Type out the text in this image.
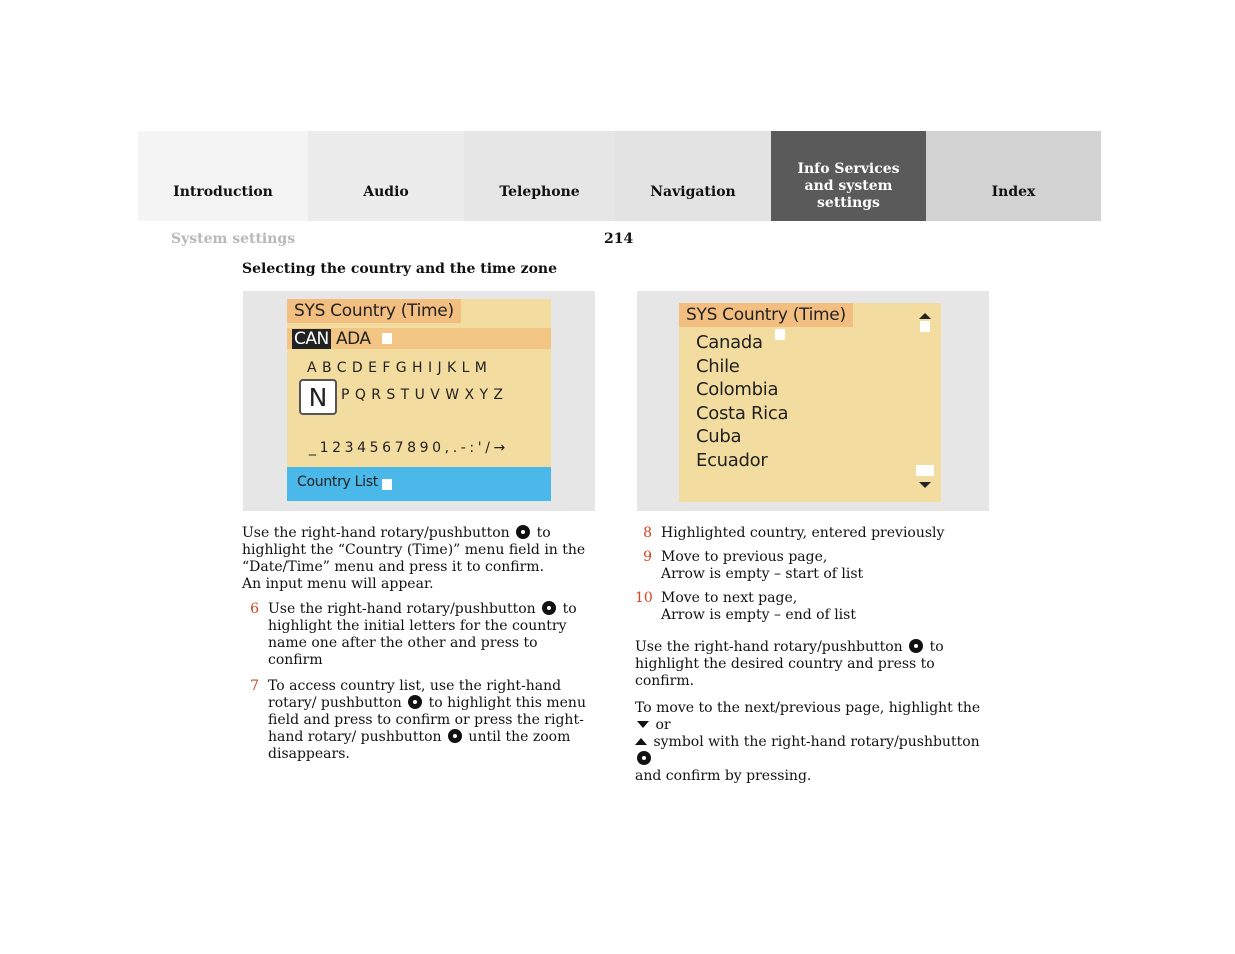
Introduction	Audio	Telephone	Navigation
Info Services and system settings
Index
System settings	214
Selecting the country and the time zone
SYS Country (Time)
CAN ADA
ABCDEFGHIJKLM
N PQRSTUVWXYZ
_1234567890,.-:'/→
Country List
SYS Country (Time)
Canada
Chile
Colombia
Costa Rica
Cuba
Ecuador

Use the right-hand rotary/pushbutton to highlight the “Country (Time)” menu field in the “Date/Time” menu and press it to confirm.
An input menu will appear.

6 Use the right-hand rotary/pushbutton to highlight the initial letters for the country name one after the other and press to confirm
7 To access country list, use the right-hand rotary/ pushbutton to highlight this menu field and press to confirm or press the right-hand rotary/ pushbutton until the zoom disappears.
8 Highlighted country, entered previously
9 Move to previous page,
Arrow is empty – start of list
10 Move to next page,
Arrow is empty – end of list

Use the right-hand rotary/pushbutton to highlight the desired country and press to confirm.

To move to the next/previous page, highlight the  or
symbol with the right-hand rotary/pushbutton
and confirm by pressing.
